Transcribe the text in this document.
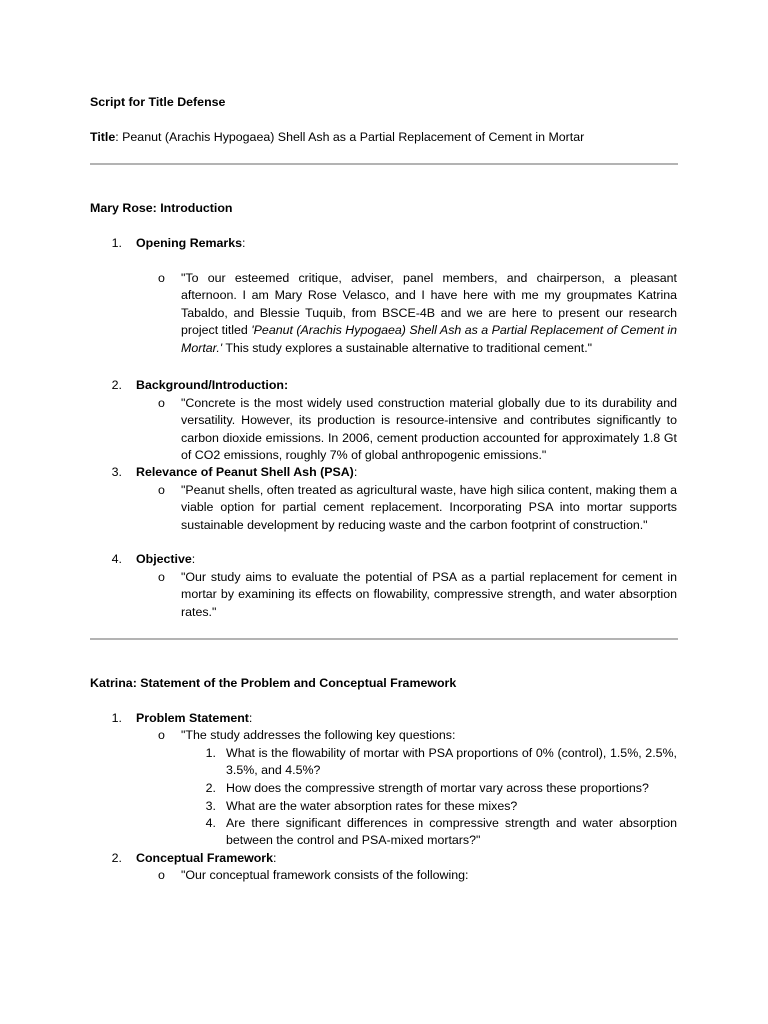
Script for Title Defense
Title: Peanut (Arachis Hypogaea) Shell Ash as a Partial Replacement of Cement in Mortar
Mary Rose: Introduction
1. Opening Remarks:
o "To our esteemed critique, adviser, panel members, and chairperson, a pleasant afternoon. I am Mary Rose Velasco, and I have here with me my groupmates Katrina Tabaldo, and Blessie Tuquib, from BSCE-4B and we are here to present our research project titled 'Peanut (Arachis Hypogaea) Shell Ash as a Partial Replacement of Cement in Mortar.' This study explores a sustainable alternative to traditional cement."
2. Background/Introduction:
o "Concrete is the most widely used construction material globally due to its durability and versatility. However, its production is resource-intensive and contributes significantly to carbon dioxide emissions. In 2006, cement production accounted for approximately 1.8 Gt of CO2 emissions, roughly 7% of global anthropogenic emissions."
3. Relevance of Peanut Shell Ash (PSA):
o "Peanut shells, often treated as agricultural waste, have high silica content, making them a viable option for partial cement replacement. Incorporating PSA into mortar supports sustainable development by reducing waste and the carbon footprint of construction."
4. Objective:
o "Our study aims to evaluate the potential of PSA as a partial replacement for cement in mortar by examining its effects on flowability, compressive strength, and water absorption rates."
Katrina: Statement of the Problem and Conceptual Framework
1. Problem Statement:
o "The study addresses the following key questions:
1. What is the flowability of mortar with PSA proportions of 0% (control), 1.5%, 2.5%, 3.5%, and 4.5%?
2. How does the compressive strength of mortar vary across these proportions?
3. What are the water absorption rates for these mixes?
4. Are there significant differences in compressive strength and water absorption between the control and PSA-mixed mortars?"
2. Conceptual Framework:
o "Our conceptual framework consists of the following:
